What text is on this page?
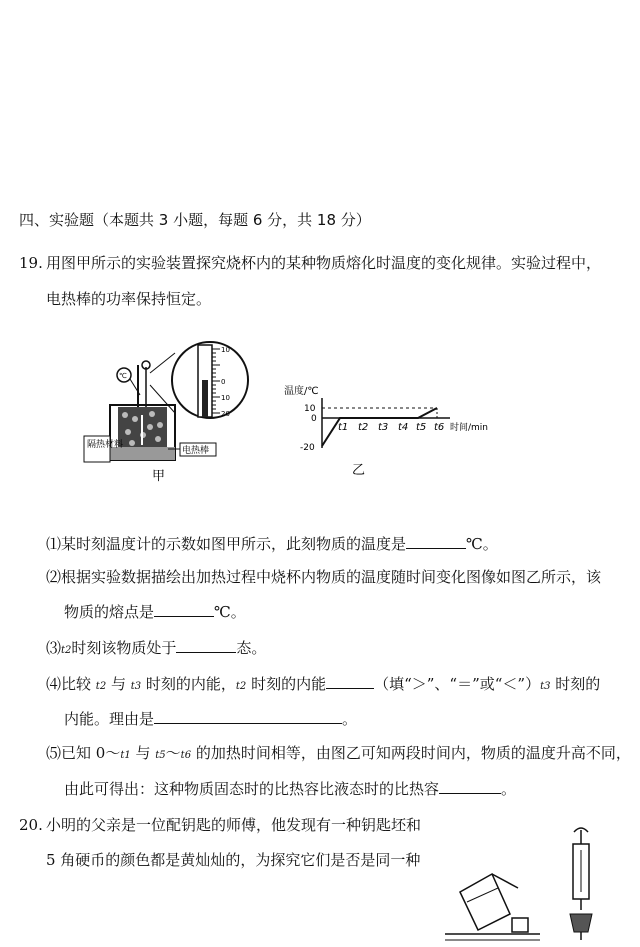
四、实验题（本题共 3 小题，每题 6 分，共 18 分）
19. 用图甲所示的实验装置探究烧杯内的某种物质熔化时温度的变化规律。实验过程中，
电热棒的功率保持恒定。
℃
隔热材料
电热棒
10
0
10
20
甲
温度/℃
10
0
-20
t1 t2 t3 t4 t5 t6 时间/min
乙
⑴某时刻温度计的示数如图甲所示，此刻物质的温度是	℃。
⑵根据实验数据描绘出加热过程中烧杯内物质的温度随时间变化图像如图乙所示，该
物质的熔点是	℃。
⑶t2时刻该物质处于	态。
⑷比较 t2 与 t3 时刻的内能，t2 时刻的内能	（填“＞”、“＝”或“＜”）t3 时刻的
内能。理由是	。
⑸已知 0～t1 与 t5～t6 的加热时间相等，由图乙可知两段时间内，物质的温度升高不同，
由此可得出：这种物质固态时的比热容比液态时的比热容	。
20. 小明的父亲是一位配钥匙的师傅，他发现有一种钥匙坯和
5 角硬币的颜色都是黄灿灿的，为探究它们是否是同一种
